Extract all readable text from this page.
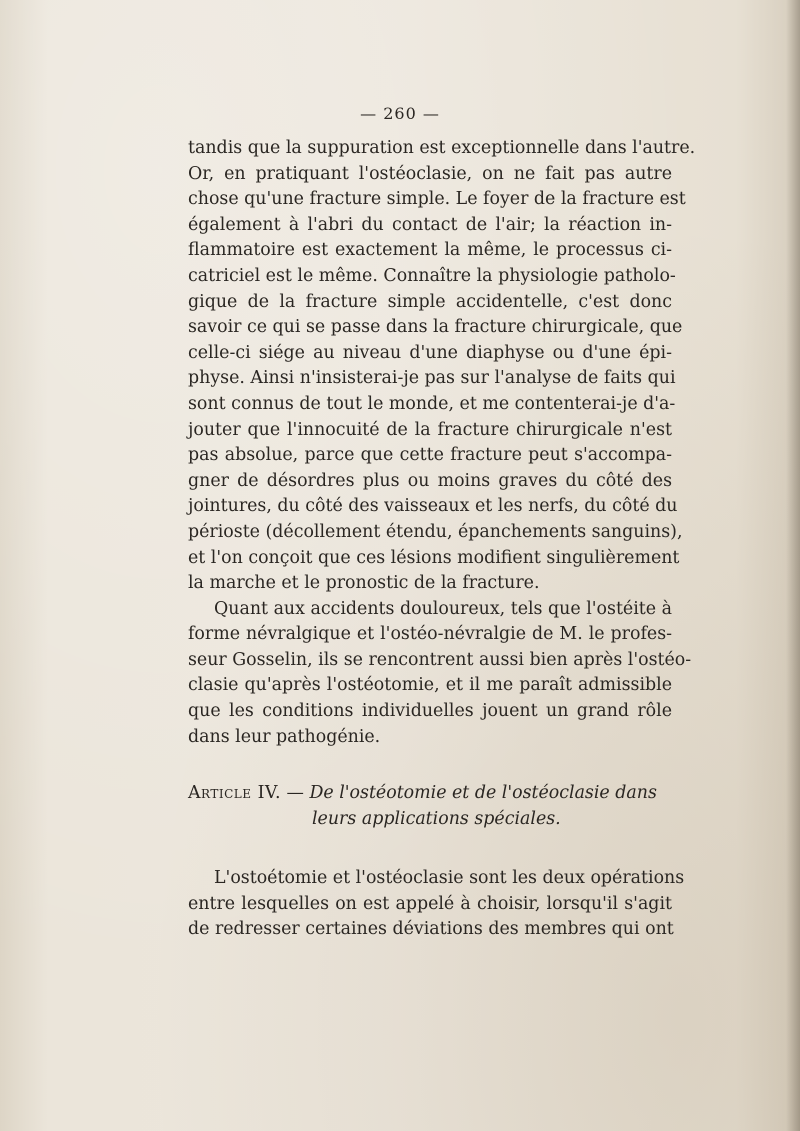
— 260 —
tandis que la suppuration est exceptionnelle dans l'autre.
Or, en pratiquant l'ostéoclasie, on ne fait pas autre
chose qu'une fracture simple. Le foyer de la fracture est
également à l'abri du contact de l'air; la réaction in-
flammatoire est exactement la même, le processus ci-
catriciel est le même. Connaître la physiologie patholo-
gique de la fracture simple accidentelle, c'est donc
savoir ce qui se passe dans la fracture chirurgicale, que
celle-ci siége au niveau d'une diaphyse ou d'une épi-
physe. Ainsi n'insisterai-je pas sur l'analyse de faits qui
sont connus de tout le monde, et me contenterai-je d'a-
jouter que l'innocuité de la fracture chirurgicale n'est
pas absolue, parce que cette fracture peut s'accompa-
gner de désordres plus ou moins graves du côté des
jointures, du côté des vaisseaux et les nerfs, du côté du
périoste (décollement étendu, épanchements sanguins),
et l'on conçoit que ces lésions modifient singulièrement
la marche et le pronostic de la fracture.
Quant aux accidents douloureux, tels que l'ostéite à
forme névralgique et l'ostéo-névralgie de M. le profes-
seur Gosselin, ils se rencontrent aussi bien après l'ostéo-
clasie qu'après l'ostéotomie, et il me paraît admissible
que les conditions individuelles jouent un grand rôle
dans leur pathogénie.
Article IV. — De l'ostéotomie et de l'ostéoclasie dans
leurs applications spéciales.
L'ostoétomie et l'ostéoclasie sont les deux opérations
entre lesquelles on est appelé à choisir, lorsqu'il s'agit
de redresser certaines déviations des membres qui ont
